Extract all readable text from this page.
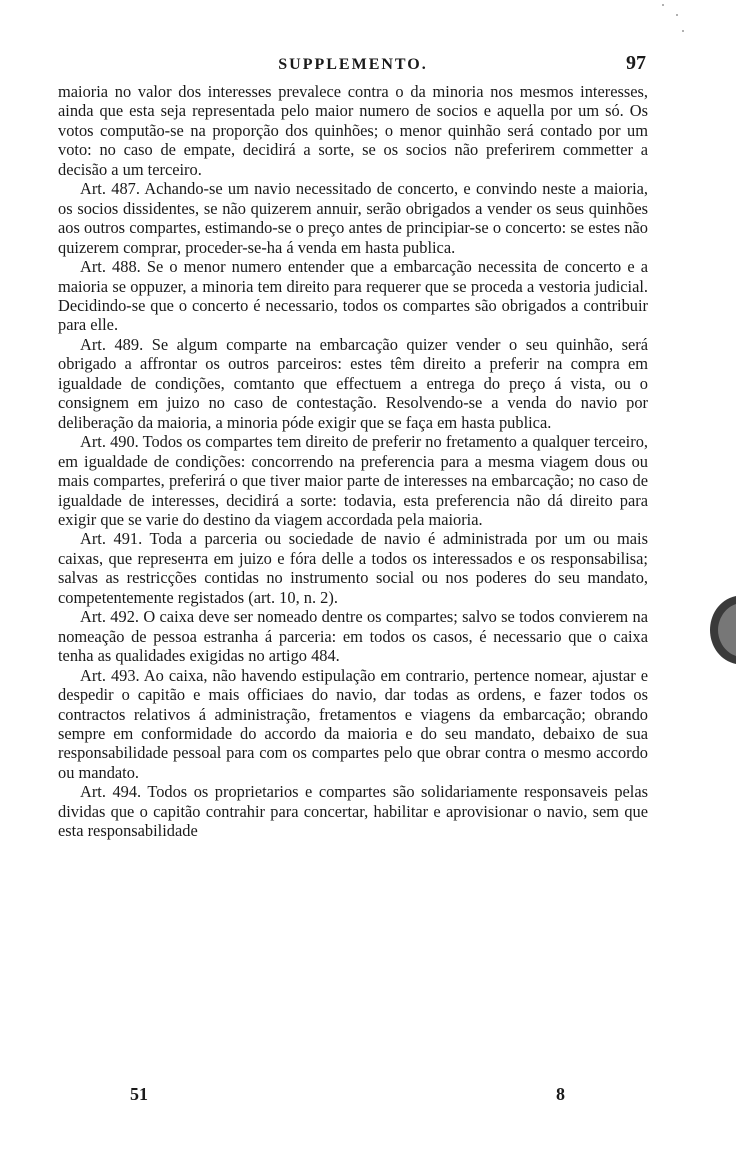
SUPPLEMENTO.	97

maioria no valor dos interesses prevalece contra o da minoria nos mesmos interesses, ainda que esta seja representada pelo maior numero de socios e aquella por um só. Os votos computão-se na proporção dos quinhões; o menor quinhão será contado por um voto: no caso de empate, decidirá a sorte, se os socios não preferirem commetter a decisão a um terceiro.

Art. 487. Achando-se um navio necessitado de concerto, e convindo neste a maioria, os socios dissidentes, se não quizerem annuir, serão obrigados a vender os seus quinhões aos outros compartes, estimando-se o preço antes de principiar-se o concerto: se estes não quizerem comprar, proceder-se-ha á venda em hasta publica.

Art. 488. Se o menor numero entender que a embarcação necessita de concerto e a maioria se oppuzer, a minoria tem direito para requerer que se proceda a vestoria judicial. Decidindo-se que o concerto é necessario, todos os compartes são obrigados a contribuir para elle.

Art. 489. Se algum comparte na embarcação quizer vender o seu quinhão, será obrigado a affrontar os outros parceiros: estes têm direito a preferir na compra em igualdade de condições, comtanto que effectuem a entrega do preço á vista, ou o consignem em juizo no caso de contestação. Resolvendo-se a venda do navio por deliberação da maioria, a minoria póde exigir que se faça em hasta publica.

Art. 490. Todos os compartes tem direito de preferir no fretamento a qualquer terceiro, em igualdade de condições: concorrendo na preferencia para a mesma viagem dous ou mais compartes, preferirá o que tiver maior parte de interesses na embarcação; no caso de igualdade de interesses, decidirá a sorte: todavia, esta preferencia não dá direito para exigir que se varie do destino da viagem accordada pela maioria.

Art. 491. Toda a parceria ou sociedade de navio é administrada por um ou mais caixas, que represента em juizo e fóra delle a todos os interessados e os responsabilisa; salvas as restricções contidas no instrumento social ou nos poderes do seu mandato, competentemente registados (art. 10, n. 2).

Art. 492. O caixa deve ser nomeado dentre os compartes; salvo se todos convierem na nomeação de pessoa estranha á parceria: em todos os casos, é necessario que o caixa tenha as qualidades exigidas no artigo 484.

Art. 493. Ao caixa, não havendo estipulação em contrario, pertence nomear, ajustar e despedir o capitão e mais officiaes do navio, dar todas as ordens, e fazer todos os contractos relativos á administração, fretamentos e viagens da embarcação; obrando sempre em conformidade do accordo da maioria e do seu mandato, debaixo de sua responsabilidade pessoal para com os compartes pelo que obrar contra o mesmo accordo ou mandato.

Art. 494. Todos os proprietarios e compartes são solidariamente responsaveis pelas dividas que o capitão contrahir para concertar, habilitar e aprovisionar o navio, sem que esta responsabilidade

51	8
